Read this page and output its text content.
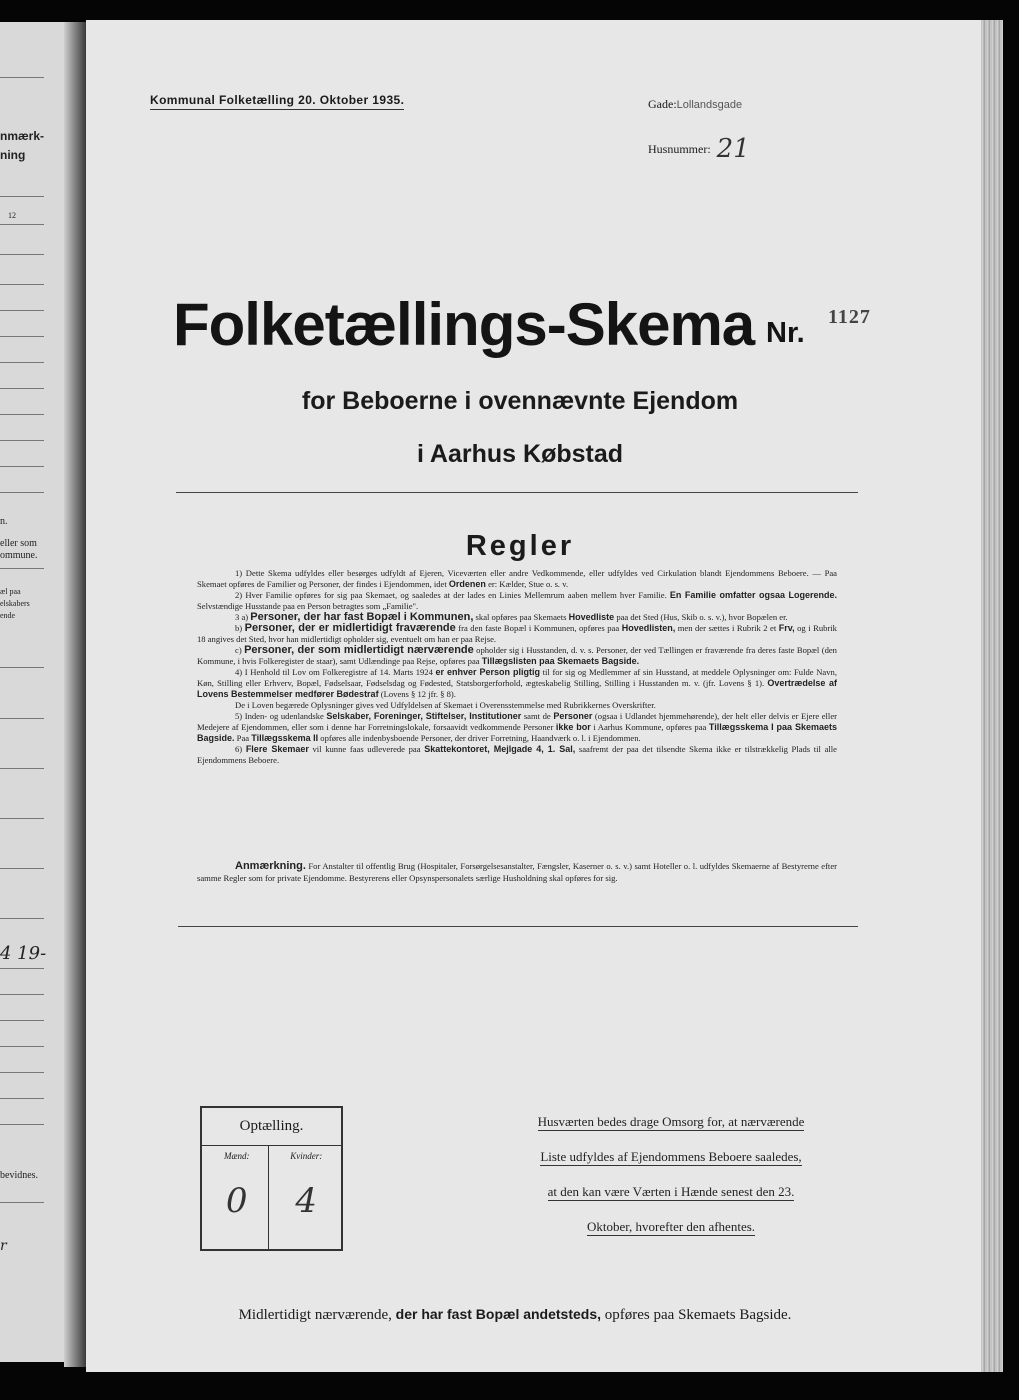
nmærk-
ning
12
n.
eller som
ommune.
æl paa
elskabers
ende
4 19-
bevidnes.
r
Kommunal Folketælling 20. Oktober 1935.	Gade:Lollandsgade
Husnummer: 21
Folketællings-Skema Nr. 1127
for Beboerne i ovennævnte Ejendom
i Aarhus Købstad
Regler

1) Dette Skema udfyldes eller besørges udfyldt af Ejeren, Viceværten eller andre Vedkommende, eller udfyldes ved Cirkulation blandt Ejendommens Beboere. — Paa Skemaet opføres de Familier og Personer, der findes i Ejendommen, idet Ordenen er: Kælder, Stue o. s. v.

2) Hver Familie opføres for sig paa Skemaet, og saaledes at der lades en Linies Mellemrum aaben mellem hver Familie. En Familie omfatter ogsaa Logerende. Selvstændige Husstande paa en Person betragtes som „Familie".

3 a) Personer, der har fast Bopæl i Kommunen, skal opføres paa Skemaets Hovedliste paa det Sted (Hus, Skib o. s. v.), hvor Bopælen er.

b) Personer, der er midlertidigt fraværende fra den faste Bopæl i Kommunen, opføres paa Hovedlisten, men der sættes i Rubrik 2 et Frv, og i Rubrik 18 angives det Sted, hvor han midlertidigt opholder sig, eventuelt om han er paa Rejse.

c) Personer, der som midlertidigt nærværende opholder sig i Husstanden, d. v. s. Personer, der ved Tællingen er fraværende fra deres faste Bopæl (den Kommune, i hvis Folkeregister de staar), samt Udlændinge paa Rejse, opføres paa Tillægslisten paa Skemaets Bagside.

4) I Henhold til Lov om Folkeregistre af 14. Marts 1924 er enhver Person pligtig til for sig og Medlemmer af sin Husstand, at meddele Oplysninger om: Fulde Navn, Køn, Stilling eller Erhverv, Bopæl, Fødselsaar, Fødselsdag og Fødested, Statsborgerforhold, ægteskabelig Stilling, Stilling i Husstanden m. v. (jfr. Lovens § 1). Overtrædelse af Lovens Bestemmelser medfører Bødestraf (Lovens § 12 jfr. § 8).

De i Loven begærede Oplysninger gives ved Udfyldelsen af Skemaet i Overensstemmelse med Rubrikkernes Overskrifter.

5) Inden- og udenlandske Selskaber, Foreninger, Stiftelser, Institutioner samt de Personer (ogsaa i Udlandet hjemmehørende), der helt eller delvis er Ejere eller Medejere af Ejendommen, eller som i denne har Forretningslokale, forsaavidt vedkommende Personer ikke bor i Aarhus Kommune, opføres paa Tillægsskema I paa Skemaets Bagside. Paa Tillægsskema II opføres alle indenbysboende Personer, der driver Forretning, Haandværk o. l. i Ejendommen.

6) Flere Skemaer vil kunne faas udleverede paa Skattekontoret, Mejlgade 4, 1. Sal, saafremt der paa det tilsendte Skema ikke er tilstrækkelig Plads til alle Ejendommens Beboere.

Anmærkning. For Anstalter til offentlig Brug (Hospitaler, Forsørgelsesanstalter, Fængsler, Kaserner o. s. v.) samt Hoteller o. l. udfyldes Skemaerne af Bestyrerne efter samme Regler som for private Ejendomme. Bestyrerens eller Opsynspersonalets særlige Husholdning skal opføres for sig.

Optælling.
Mænd:	Kvinder:
0	4
Husværten bedes drage Omsorg for, at nærværende
Liste udfyldes af Ejendommens Beboere saaledes,
at den kan være Værten i Hænde senest den 23.
Oktober, hvorefter den afhentes.
Midlertidigt nærværende, der har fast Bopæl andetsteds, opføres paa Skemaets Bagside.
